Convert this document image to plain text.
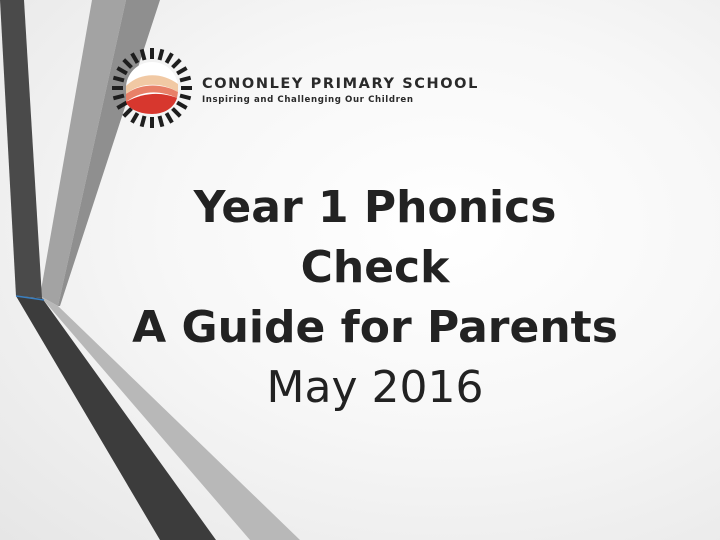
CONONLEY PRIMARY SCHOOL
Inspiring and Challenging Our Children
Year 1 Phonics
Check
A Guide for Parents
May 2016
